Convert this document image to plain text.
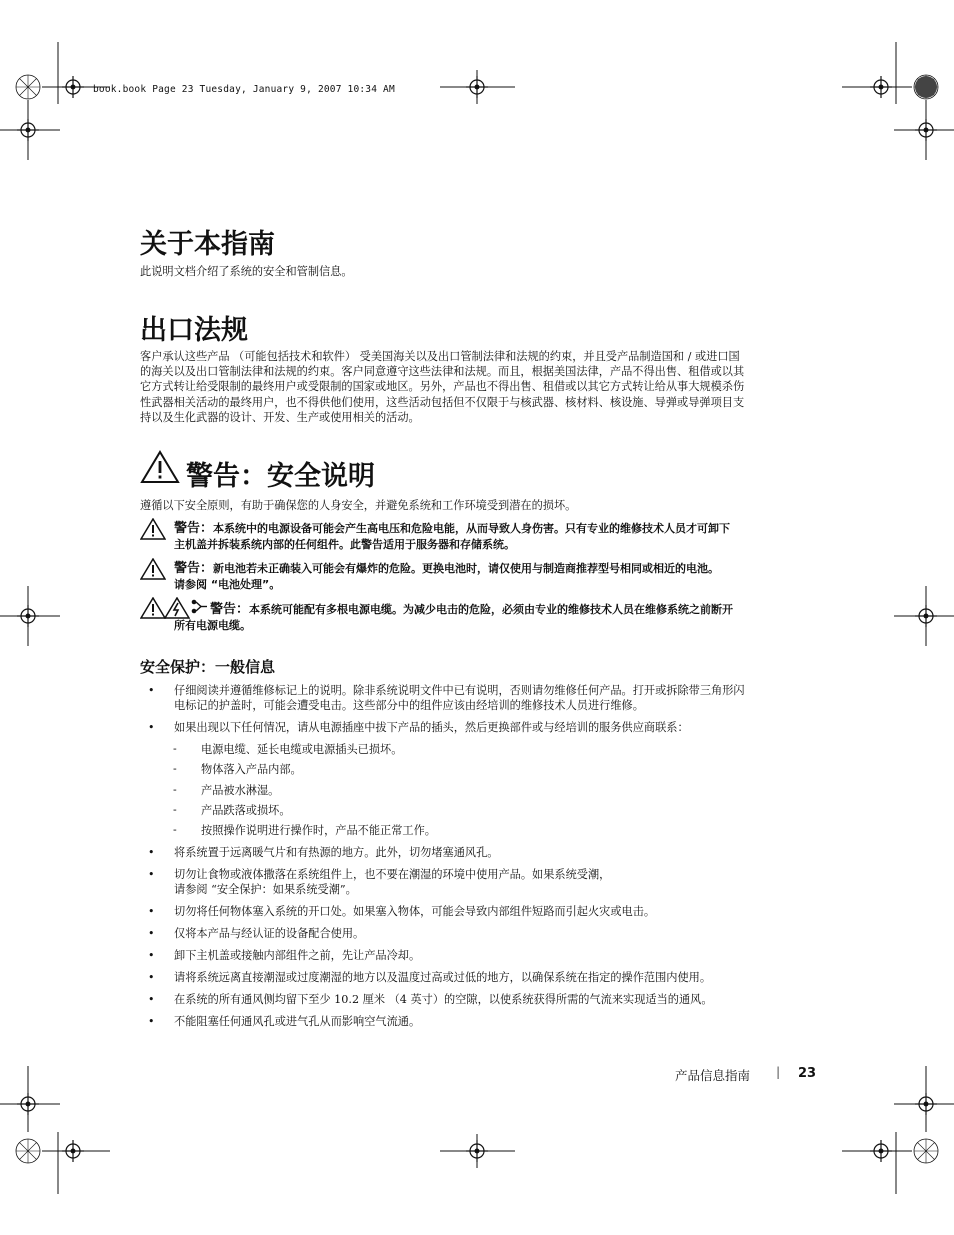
book.book Page 23 Tuesday, January 9, 2007 10:34 AM
关于本指南
此说明文档介绍了系统的安全和管制信息。
出口法规
客户承认这些产品 （可能包括技术和软件） 受美国海关以及出口管制法律和法规的约束，并且受产品制造国和 / 或进口国
的海关以及出口管制法律和法规的约束。客户同意遵守这些法律和法规。而且，根据美国法律，产品不得出售、租借或以其
它方式转让给受限制的最终用户或受限制的国家或地区。另外，产品也不得出售、租借或以其它方式转让给从事大规模杀伤
性武器相关活动的最终用户，也不得供他们使用，这些活动包括但不仅限于与核武器、核材料、核设施、导弹或导弹项目支
持以及生化武器的设计、开发、生产或使用相关的活动。
警告：安全说明
遵循以下安全原则，有助于确保您的人身安全，并避免系统和工作环境受到潜在的损坏。
警告：本系统中的电源设备可能会产生高电压和危险电能，从而导致人身伤害。只有专业的维修技术人员才可卸下
主机盖并拆装系统内部的任何组件。此警告适用于服务器和存储系统。
警告：新电池若未正确装入可能会有爆炸的危险。更换电池时，请仅使用与制造商推荐型号相同或相近的电池。
请参阅 “电池处理”。
警告：本系统可能配有多根电源电缆。为减少电击的危险，必须由专业的维修技术人员在维修系统之前断开
所有电源电缆。
安全保护：一般信息
• 仔细阅读并遵循维修标记上的说明。除非系统说明文件中已有说明，否则请勿维修任何产品。打开或拆除带三角形闪
电标记的护盖时，可能会遭受电击。这些部分中的组件应该由经培训的维修技术人员进行维修。
• 如果出现以下任何情况，请从电源插座中拔下产品的插头，然后更换部件或与经培训的服务供应商联系：
- 电源电缆、延长电缆或电源插头已损坏。
- 物体落入产品内部。
- 产品被水淋湿。
- 产品跌落或损坏。
- 按照操作说明进行操作时，产品不能正常工作。
• 将系统置于远离暖气片和有热源的地方。此外，切勿堵塞通风孔。
• 切勿让食物或液体撒落在系统组件上，也不要在潮湿的环境中使用产品。如果系统受潮，
请参阅 “安全保护：如果系统受潮”。
• 切勿将任何物体塞入系统的开口处。如果塞入物体，可能会导致内部组件短路而引起火灾或电击。
• 仅将本产品与经认证的设备配合使用。
• 卸下主机盖或接触内部组件之前，先让产品冷却。
• 请将系统远离直接潮湿或过度潮湿的地方以及温度过高或过低的地方，以确保系统在指定的操作范围内使用。
• 在系统的所有通风侧均留下至少 10.2 厘米 （4 英寸）的空隙，以使系统获得所需的气流来实现适当的通风。
• 不能阻塞任何通风孔或进气孔从而影响空气流通。
产品信息指南 | 23
